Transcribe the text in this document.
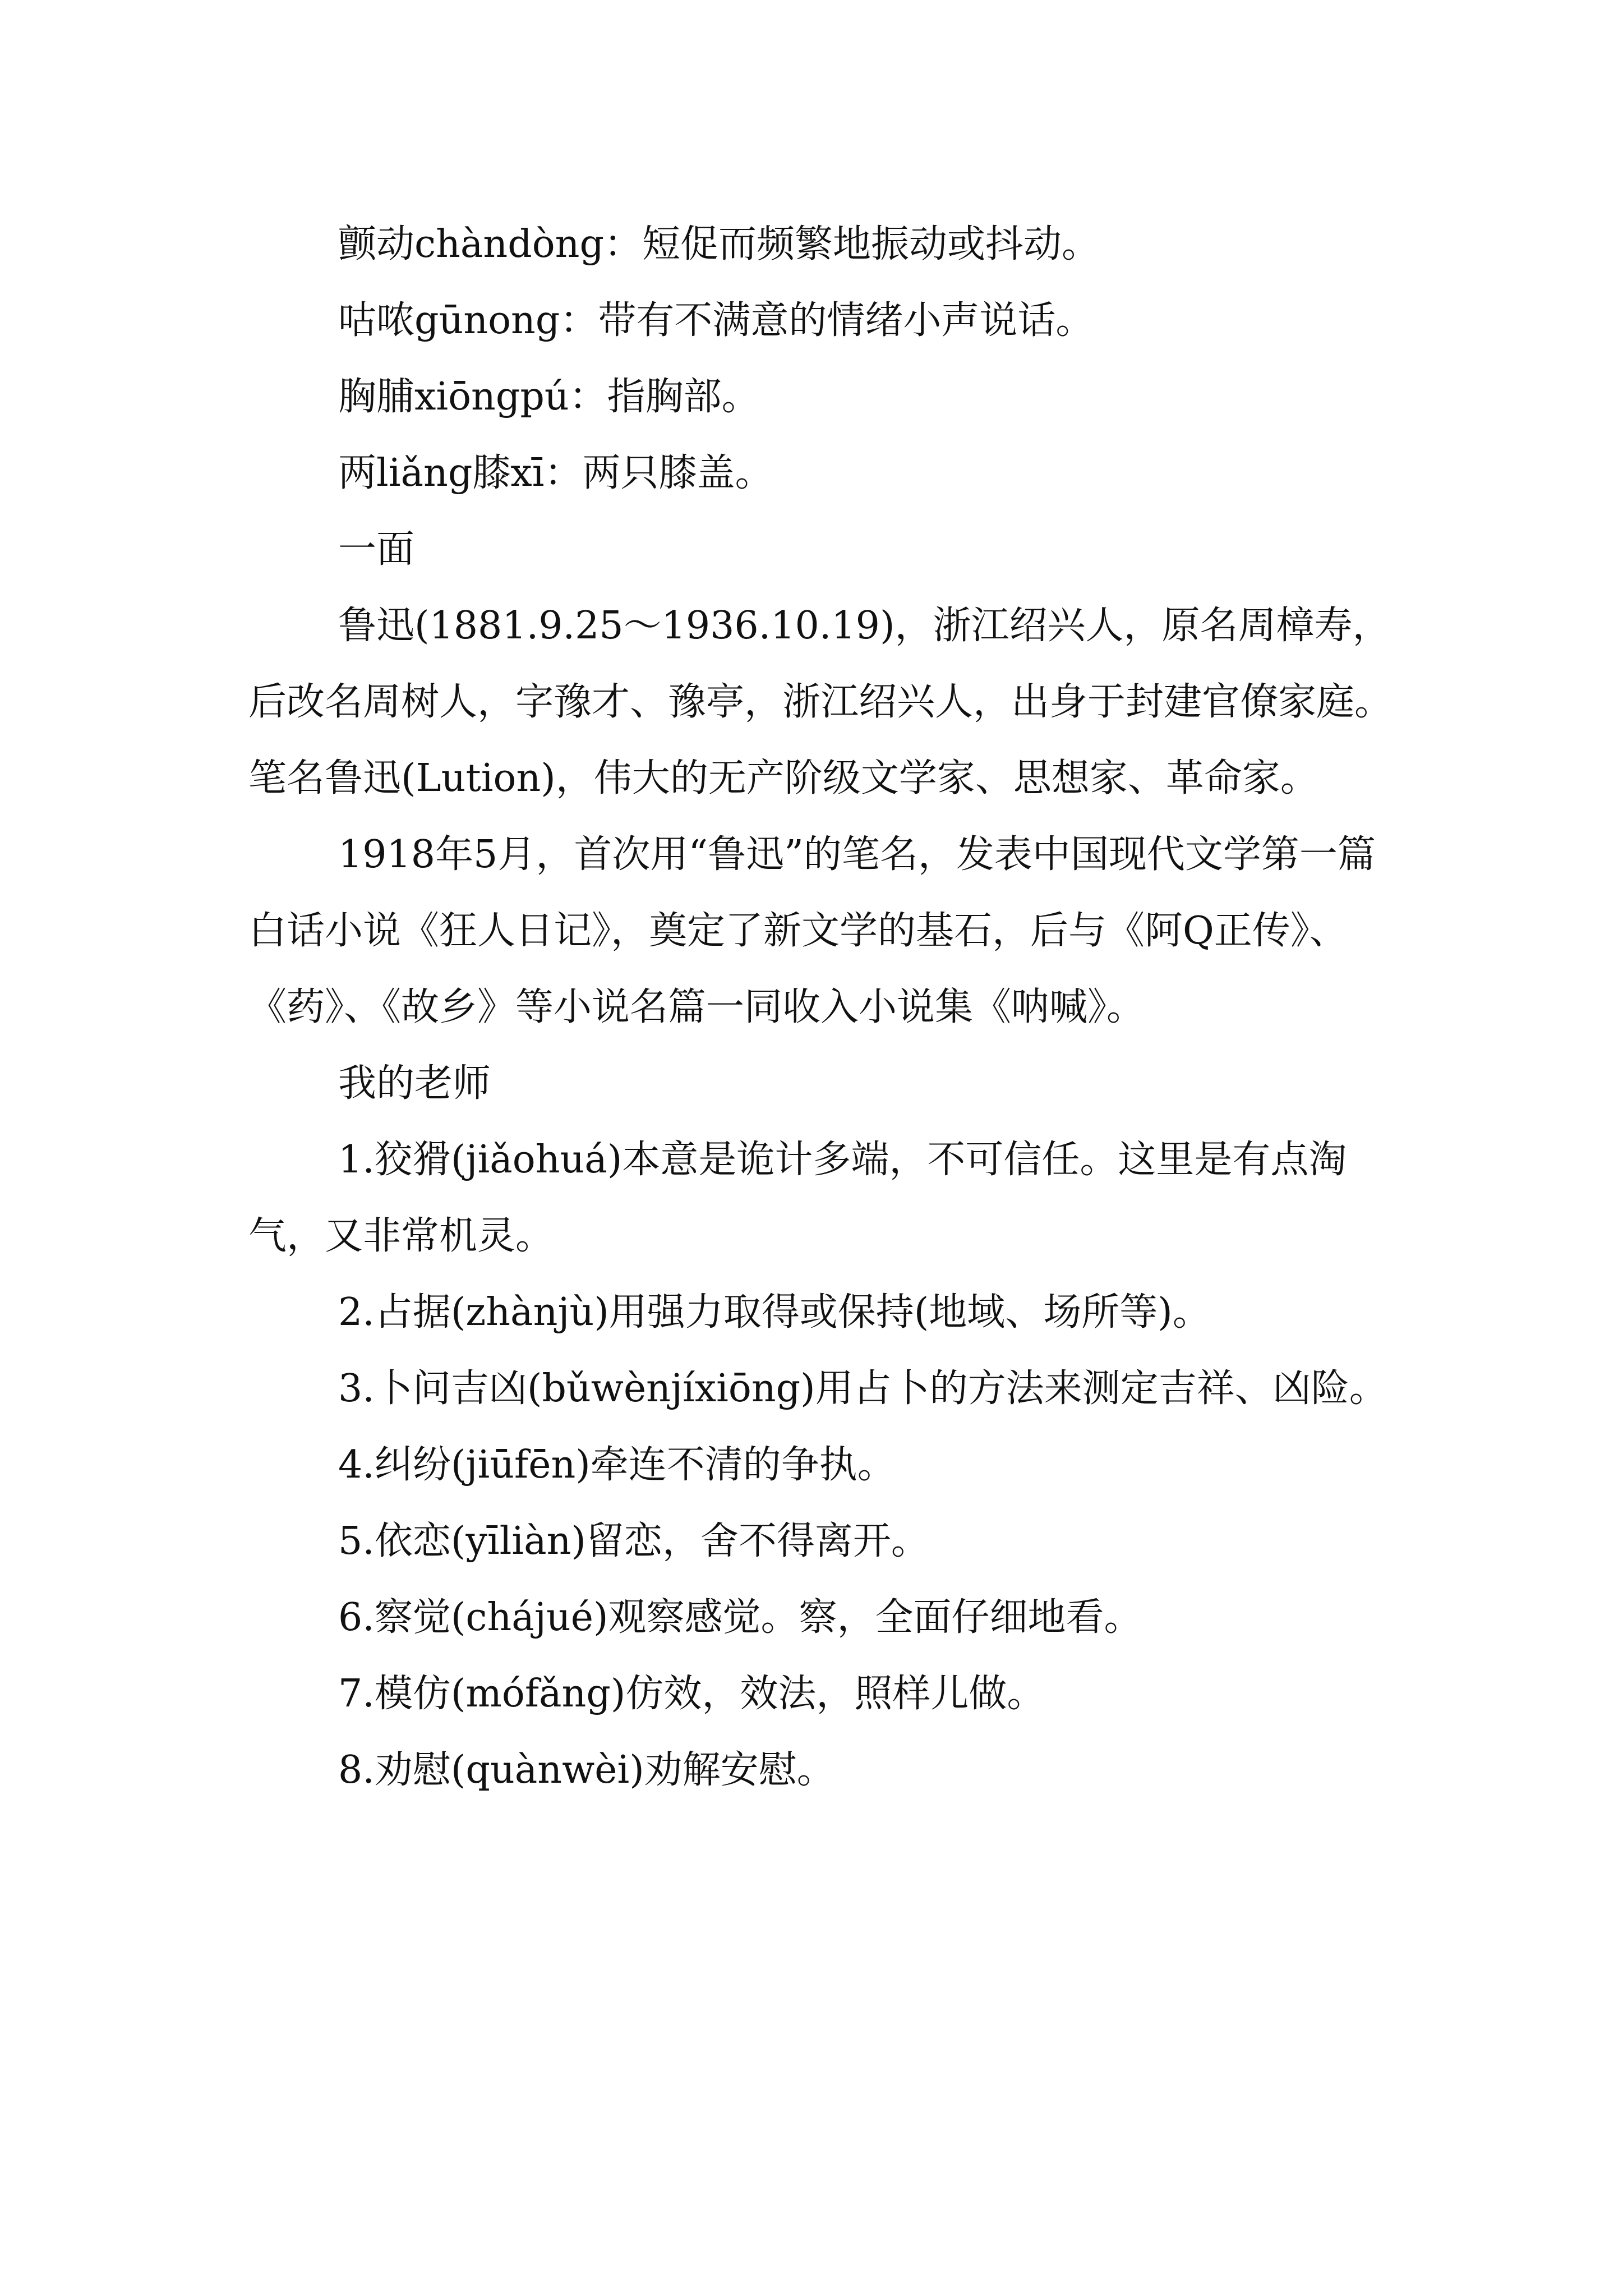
颤动chàndòng：短促而频繁地振动或抖动。

咕哝gūnong：带有不满意的情绪小声说话。

胸脯xiōngpú：指胸部。

两liǎng膝xī：两只膝盖。

一面

鲁迅(1881.9.25～1936.10.19)，浙江绍兴人，原名周樟寿，后改名周树人，字豫才、豫亭，浙江绍兴人，出身于封建官僚家庭。笔名鲁迅(Lution)，伟大的无产阶级文学家、思想家、革命家。

1918年5月，首次用“鲁迅”的笔名，发表中国现代文学第一篇白话小说《狂人日记》，奠定了新文学的基石，后与《阿Q正传》、《药》、《故乡》等小说名篇一同收入小说集《呐喊》。

我的老师

1.狡猾(jiǎohuá)本意是诡计多端，不可信任。这里是有点淘气，又非常机灵。

2.占据(zhànjù)用强力取得或保持(地域、场所等)。

3.卜问吉凶(bǔwènjíxiōng)用占卜的方法来测定吉祥、凶险。

4.纠纷(jiūfēn)牵连不清的争执。

5.依恋(yīliàn)留恋，舍不得离开。

6.察觉(chájué)观察感觉。察，全面仔细地看。

7.模仿(mófǎng)仿效，效法，照样儿做。

8.劝慰(quànwèi)劝解安慰。
